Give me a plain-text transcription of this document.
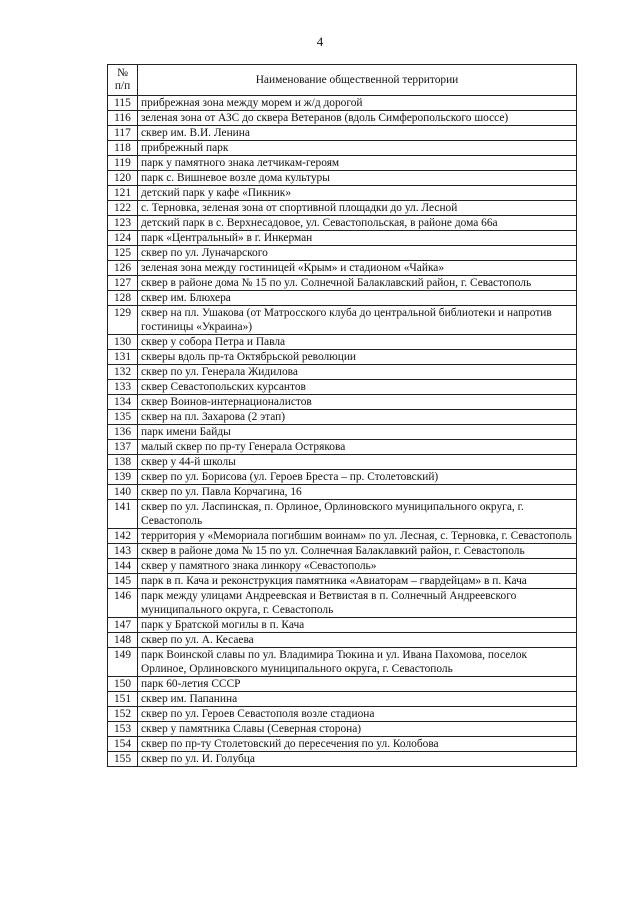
4
№
п/п	Наименование общественной территории
115	прибрежная зона между морем и ж/д дорогой
116	зеленая зона от АЗС до сквера Ветеранов (вдоль Симферопольского шоссе)
117	сквер им. В.И. Ленина
118	прибрежный парк
119	парк у памятного знака летчикам-героям
120	парк с. Вишневое возле дома культуры
121	детский парк у кафе «Пикник»
122	с. Терновка, зеленая зона от спортивной площадки до ул. Лесной
123	детский парк в с. Верхнесадовое, ул. Севастопольская, в районе дома 66а
124	парк «Центральный» в г. Инкерман
125	сквер по ул. Луначарского
126	зеленая зона между гостиницей «Крым» и стадионом «Чайка»
127	сквер в районе дома № 15 по ул. Солнечной Балаклавский район, г. Севастополь
128	сквер им. Блюхера
129	сквер на пл. Ушакова (от Матросского клуба до центральной библиотеки и напротив гостиницы «Украина»)
130	сквер у собора Петра и Павла
131	скверы вдоль пр-та Октябрьской революции
132	сквер по ул. Генерала Жидилова
133	сквер Севастопольских курсантов
134	сквер Воинов-интернационалистов
135	сквер на пл. Захарова (2 этап)
136	парк имени Байды
137	малый сквер по пр-ту Генерала Острякова
138	сквер у 44-й школы
139	сквер по ул. Борисова (ул. Героев Бреста – пр. Столетовский)
140	сквер по ул. Павла Корчагина, 16
141	сквер по ул. Ласпинская, п. Орлиное, Орлиновского муниципального округа, г. Севастополь
142	территория у «Мемориала погибшим воинам» по ул. Лесная, с. Терновка, г. Севастополь
143	сквер в районе дома № 15 по ул. Солнечная Балаклавкий район, г. Севастополь
144	сквер у памятного знака линкору «Севастополь»
145	парк в п. Кача и реконструкция памятника «Авиаторам – гвардейцам» в п. Кача
146	парк между улицами Андреевская и Ветвистая в п. Солнечный Андреевского муниципального округа, г. Севастополь
147	парк у Братской могилы в п. Кача
148	сквер по ул. А. Кесаева
149	парк Воинской славы по ул. Владимира Тюкина и ул. Ивана Пахомова, поселок Орлиное, Орлиновского муниципального округа, г. Севастополь
150	парк 60-летия СССР
151	сквер им. Папанина
152	сквер по ул. Героев Севастополя возле стадиона
153	сквер у памятника Славы (Северная сторона)
154	сквер по пр-ту Столетовский до пересечения по ул. Колобова
155	сквер по ул. И. Голубца
